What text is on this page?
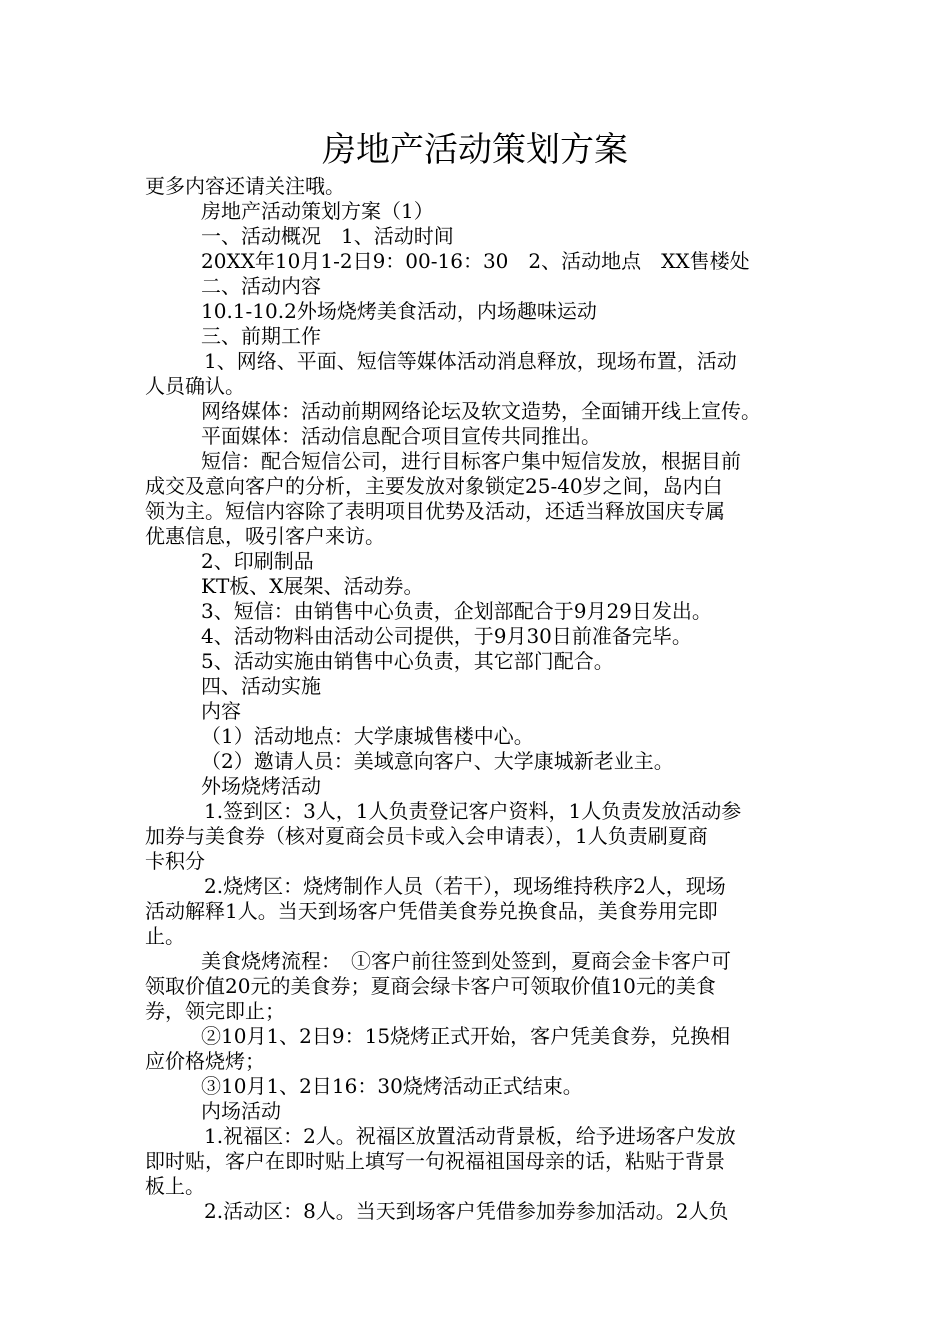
房地产活动策划方案

更多内容还请关注哦。

房地产活动策划方案（1）

一、活动概况　1、活动时间

20XX年10月1-2日9：00-16：30　2、活动地点　XX售楼处

二、活动内容

10.1-10.2外场烧烤美食活动，内场趣味运动

三、前期工作

1、网络、平面、短信等媒体活动消息释放，现场布置，活动

人员确认。

网络媒体：活动前期网络论坛及软文造势，全面铺开线上宣传。

平面媒体：活动信息配合项目宣传共同推出。

短信：配合短信公司，进行目标客户集中短信发放，根据目前

成交及意向客户的分析，主要发放对象锁定25-40岁之间，岛内白

领为主。短信内容除了表明项目优势及活动，还适当释放国庆专属

优惠信息，吸引客户来访。

2、印刷制品

KT板、X展架、活动券。

3、短信：由销售中心负责，企划部配合于9月29日发出。

4、活动物料由活动公司提供，于9月30日前准备完毕。

5、活动实施由销售中心负责，其它部门配合。

四、活动实施

内容

（1）活动地点：大学康城售楼中心。

（2）邀请人员：美域意向客户、大学康城新老业主。

外场烧烤活动

1.签到区：3人，1人负责登记客户资料，1人负责发放活动参

加券与美食券（核对夏商会员卡或入会申请表），1人负责刷夏商

卡积分

2.烧烤区：烧烤制作人员（若干），现场维持秩序2人，现场

活动解释1人。当天到场客户凭借美食券兑换食品，美食券用完即

止。

美食烧烤流程：　①客户前往签到处签到，夏商会金卡客户可

领取价值20元的美食券；夏商会绿卡客户可领取价值10元的美食

券，领完即止；

②10月1、2日9：15烧烤正式开始，客户凭美食券，兑换相

应价格烧烤；

③10月1、2日16：30烧烤活动正式结束。

内场活动

1.祝福区：2人。祝福区放置活动背景板，给予进场客户发放

即时贴，客户在即时贴上填写一句祝福祖国母亲的话，粘贴于背景

板上。

2.活动区：8人。当天到场客户凭借参加券参加活动。2人负
